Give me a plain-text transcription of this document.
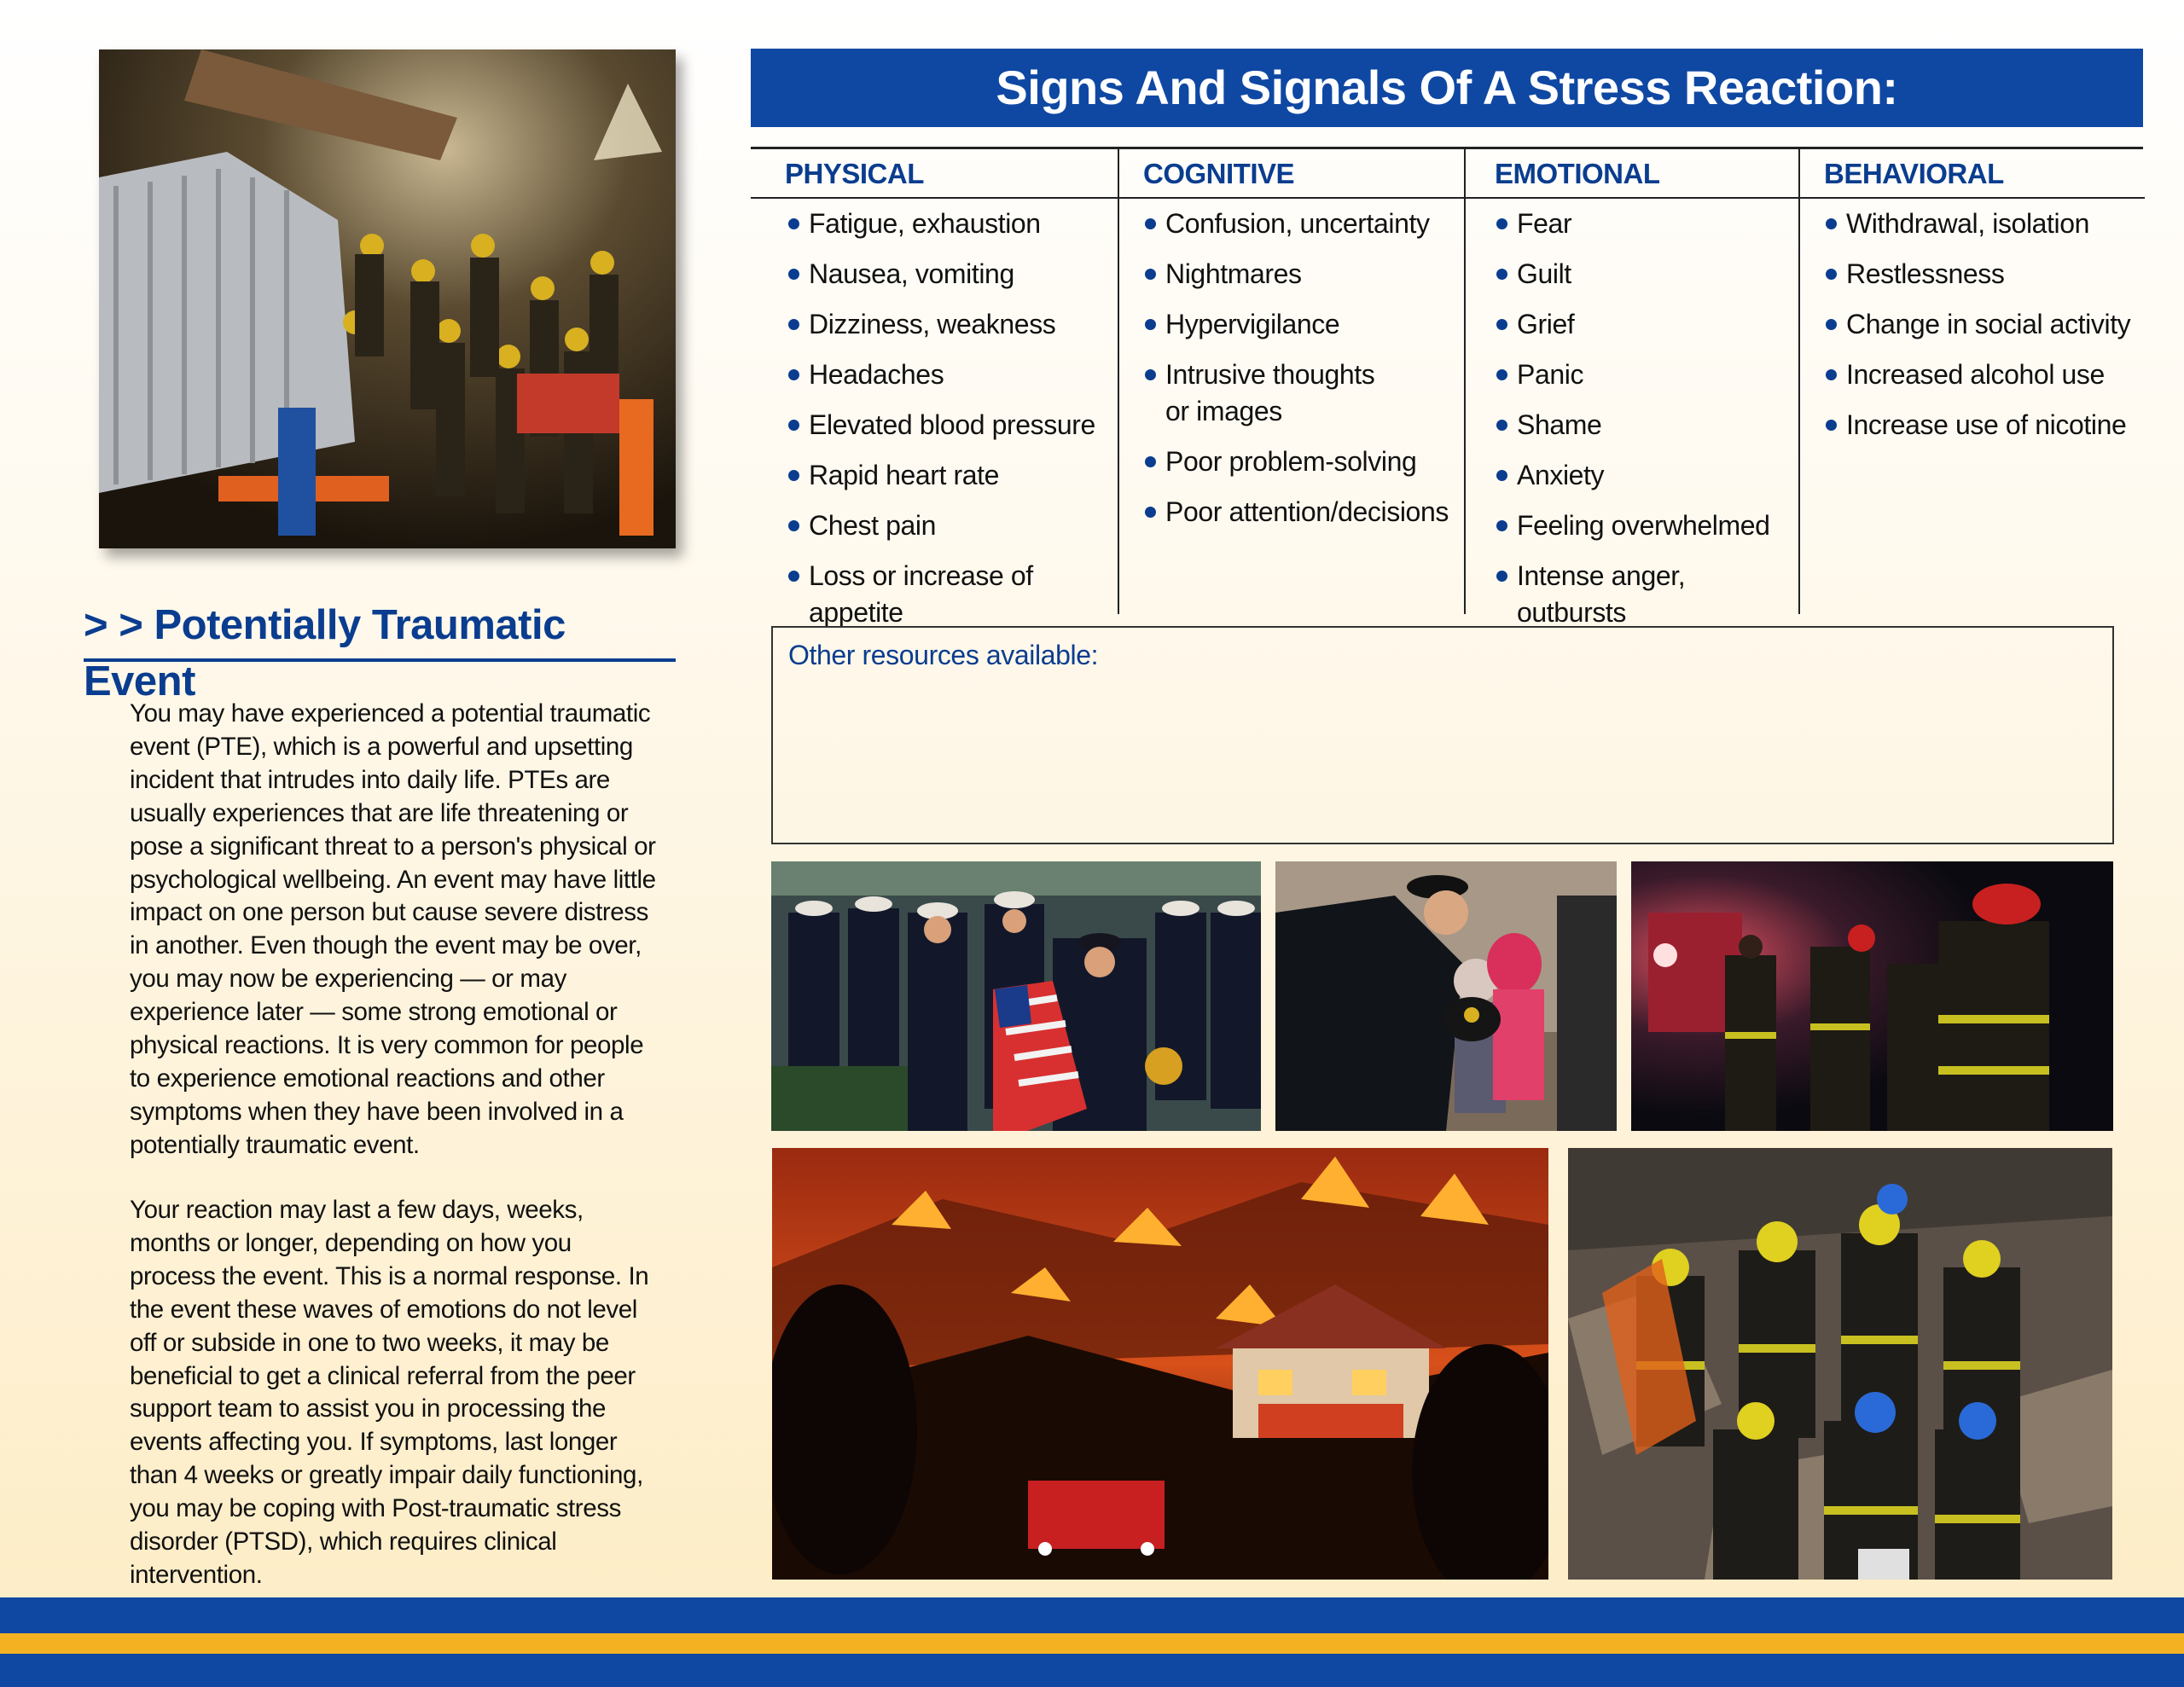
> > Potentially Traumatic Event

You may have experienced a potential traumatic event (PTE), which is a powerful and upsetting incident that intrudes into daily life. PTEs are usually experiences that are life threatening or pose a significant threat to a person's physical or psychological wellbeing. An event may have little impact on one person but cause severe distress in another. Even though the event may be over, you may now be experiencing — or may experience later — some strong emotional or physical reactions. It is very common for people to experience emotional reactions and other symptoms when they have been involved in a potentially traumatic event.

Your reaction may last a few days, weeks, months or longer, depending on how you process the event. This is a normal response. In the event these waves of emotions do not level off or subside in one to two weeks, it may be beneficial to get a clinical referral from the peer support team to assist you in processing the events affecting you. If symptoms, last longer than 4 weeks or greatly impair daily functioning, you may be coping with Post-traumatic stress disorder (PTSD), which requires clinical intervention.

Signs And Signals Of A Stress Reaction:
PHYSICAL
Fatigue, exhaustion
Nausea, vomiting
Dizziness, weakness
Headaches
Elevated blood pressure
Rapid heart rate
Chest pain
Loss or increase of appetite
COGNITIVE
Confusion, uncertainty
Nightmares
Hypervigilance
Intrusive thoughts or images
Poor problem-solving
Poor attention/decisions
EMOTIONAL
Fear
Guilt
Grief
Panic
Shame
Anxiety
Feeling overwhelmed
Intense anger, outbursts
BEHAVIORAL
Withdrawal, isolation
Restlessness
Change in social activity
Increased alcohol use
Increase use of nicotine
Other resources available:
